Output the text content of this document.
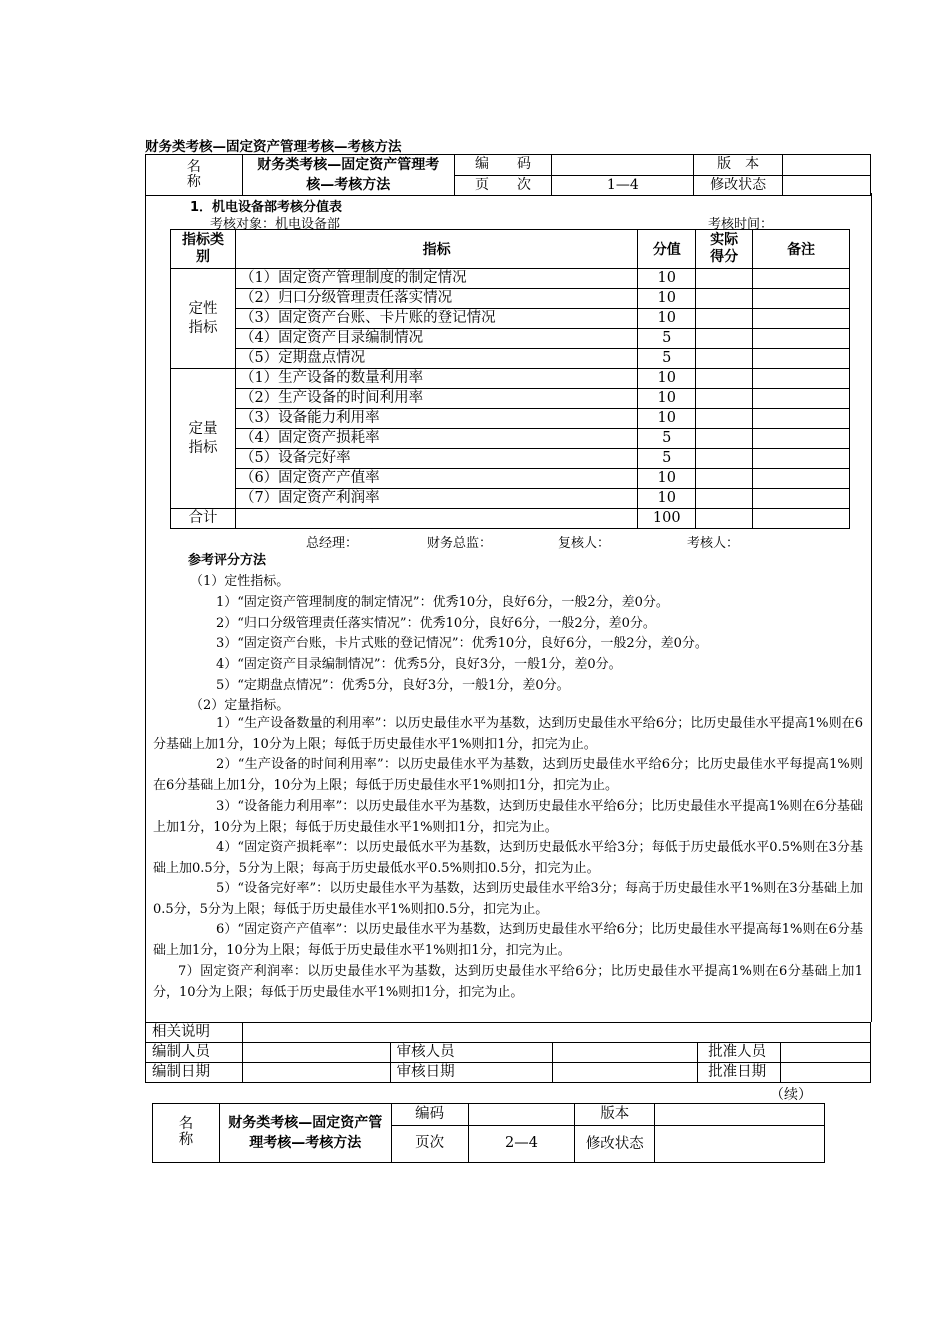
财务类考核—固定资产管理考核—考核方法
名
称	财务类考核—固定资产管理考核—考核方法	编　　码		版　本	
		页　　次	1—4	修改状态	
1．机电设备部考核分值表
考核对象：机电设备部	考核时间：
指标类别	指标	分值	实际得分	备注
定性指标	（1）固定资产管理制度的制定情况	10		
	（2）归口分级管理责任落实情况	10		
	（3）固定资产台账、卡片账的登记情况	10		
	（4）固定资产目录编制情况	5		
	（5）定期盘点情况	5		
定量指标	（1）生产设备的数量利用率	10		
	（2）生产设备的时间利用率	10		
	（3）设备能力利用率	10		
	（4）固定资产损耗率	5		
	（5）设备完好率	5		
	（6）固定资产产值率	10		
	（7）固定资产利润率	10		
合计		100		
总经理：	财务总监：	复核人：	考核人：
参考评分方法
（1）定性指标。
1）“固定资产管理制度的制定情况”：优秀10分，良好6分，一般2分，差0分。
2）“归口分级管理责任落实情况”：优秀10分，良好6分，一般2分，差0分。
3）“固定资产台账，卡片式账的登记情况”：优秀10分，良好6分，一般2分，差0分。
4）“固定资产目录编制情况”：优秀5分，良好3分，一般1分，差0分。
5）“定期盘点情况”：优秀5分，良好3分，一般1分，差0分。
（2）定量指标。
1）“生产设备数量的利用率”：以历史最佳水平为基数，达到历史最佳水平给6分；比历史最佳水平提高1%则在6分基础上加1分，10分为上限；每低于历史最佳水平1%则扣1分，扣完为止。
2）“生产设备的时间利用率”：以历史最佳水平为基数，达到历史最佳水平给6分；比历史最佳水平每提高1%则在6分基础上加1分，10分为上限；每低于历史最佳水平1%则扣1分，扣完为止。
3）“设备能力利用率”：以历史最佳水平为基数，达到历史最佳水平给6分；比历史最佳水平提高1%则在6分基础上加1分，10分为上限；每低于历史最佳水平1%则扣1分，扣完为止。
4）“固定资产损耗率”：以历史最低水平为基数，达到历史最低水平给3分；每低于历史最低水平0.5%则在3分基础上加0.5分，5分为上限；每高于历史最低水平0.5%则扣0.5分，扣完为止。
5）“设备完好率”：以历史最佳水平为基数，达到历史最佳水平给3分；每高于历史最佳水平1%则在3分基础上加0.5分，5分为上限；每低于历史最佳水平1%则扣0.5分，扣完为止。
6）“固定资产产值率”：以历史最佳水平为基数，达到历史最佳水平给6分；比历史最佳水平提高每1%则在6分基础上加1分，10分为上限；每低于历史最佳水平1%则扣1分，扣完为止。
7）固定资产利润率：以历史最佳水平为基数，达到历史最佳水平给6分；比历史最佳水平提高1%则在6分基础上加1分，10分为上限；每低于历史最佳水平1%则扣1分，扣完为止。
相关说明					
编制人员		审核人员		批准人员	
编制日期		审核日期		批准日期	
（续）
名
称	财务类考核—固定资产管理考核—考核方法	编码		版本	
		页次	2—4	修改状态	
